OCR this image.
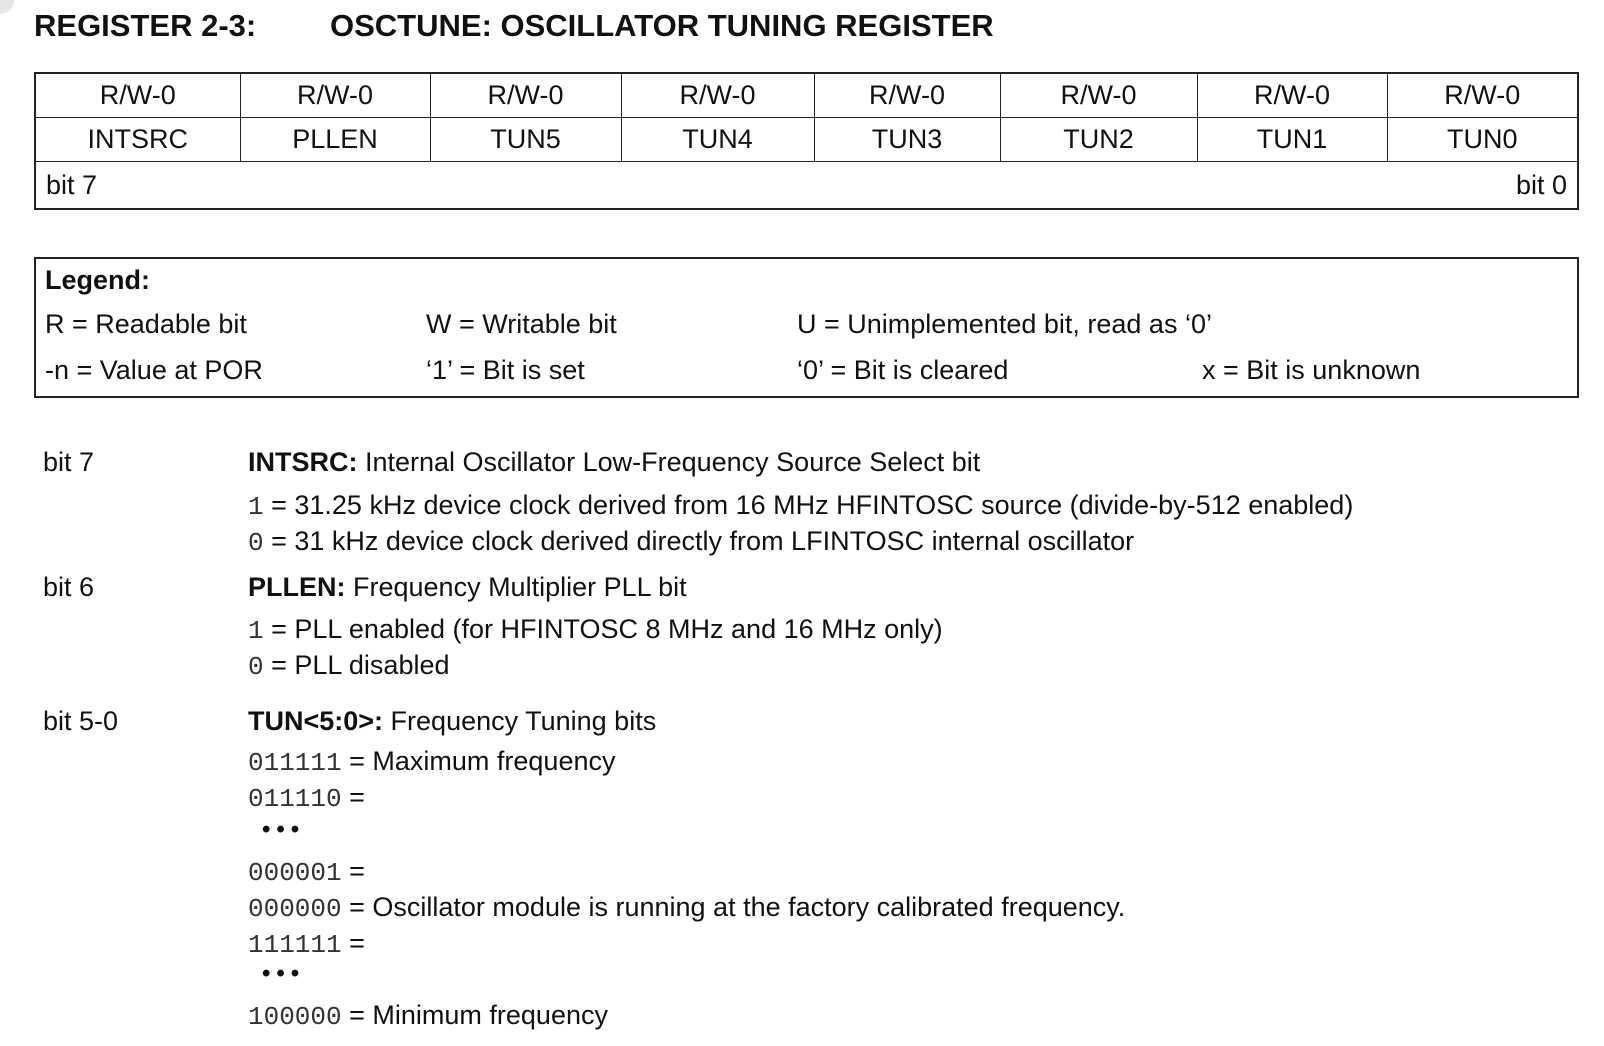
REGISTER 2-3: OSCTUNE: OSCILLATOR TUNING REGISTER
R/W-0	R/W-0	R/W-0	R/W-0	R/W-0	R/W-0	R/W-0	R/W-0
INTSRC	PLLEN	TUN5	TUN4	TUN3	TUN2	TUN1	TUN0
bit 7				bit 0			
Legend:
R = Readable bit	W = Writable bit	U = Unimplemented bit, read as ‘0’
-n = Value at POR	‘1’ = Bit is set	‘0’ = Bit is cleared	x = Bit is unknown
bit 7	INTSRC: Internal Oscillator Low-Frequency Source Select bit
1 = 31.25 kHz device clock derived from 16 MHz HFINTOSC source (divide-by-512 enabled)
0 = 31 kHz device clock derived directly from LFINTOSC internal oscillator
bit 6	PLLEN: Frequency Multiplier PLL bit
1 = PLL enabled (for HFINTOSC 8 MHz and 16 MHz only)
0 = PLL disabled
bit 5-0	TUN<5:0>: Frequency Tuning bits
011111 = Maximum frequency
011110 =
•••
000001 =
000000 = Oscillator module is running at the factory calibrated frequency.
111111 =
•••
100000 = Minimum frequency
